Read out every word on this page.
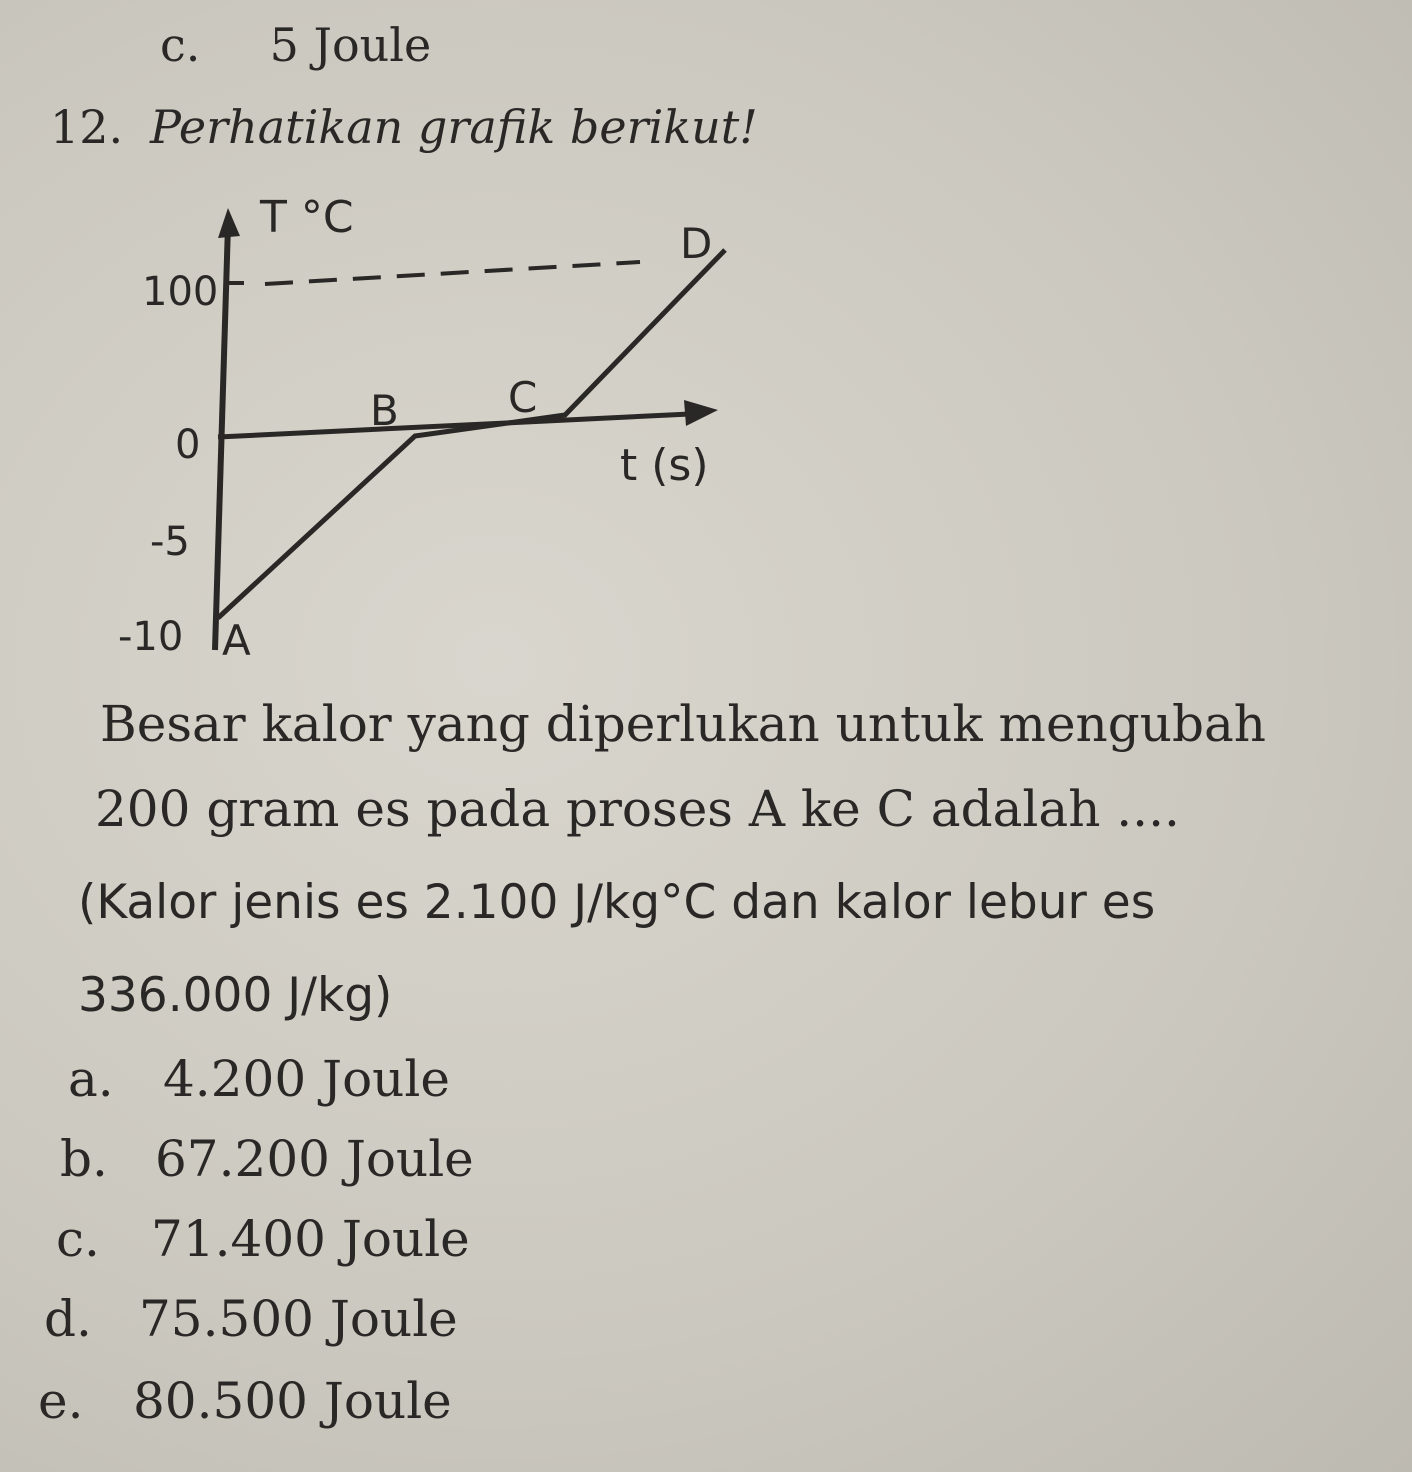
c. 5 Joule
12. Perhatikan grafik berikut!
T °C
t (s)
100
0
-5
-10 A
B	C
D
Besar kalor yang diperlukan untuk mengubah
200 gram es pada proses A ke C adalah ....
(Kalor jenis es 2.100 J/kg°C dan kalor lebur es
336.000 J/kg)
a. 4.200 Joule
b. 67.200 Joule
c. 71.400 Joule
d. 75.500 Joule
e. 80.500 Joule
